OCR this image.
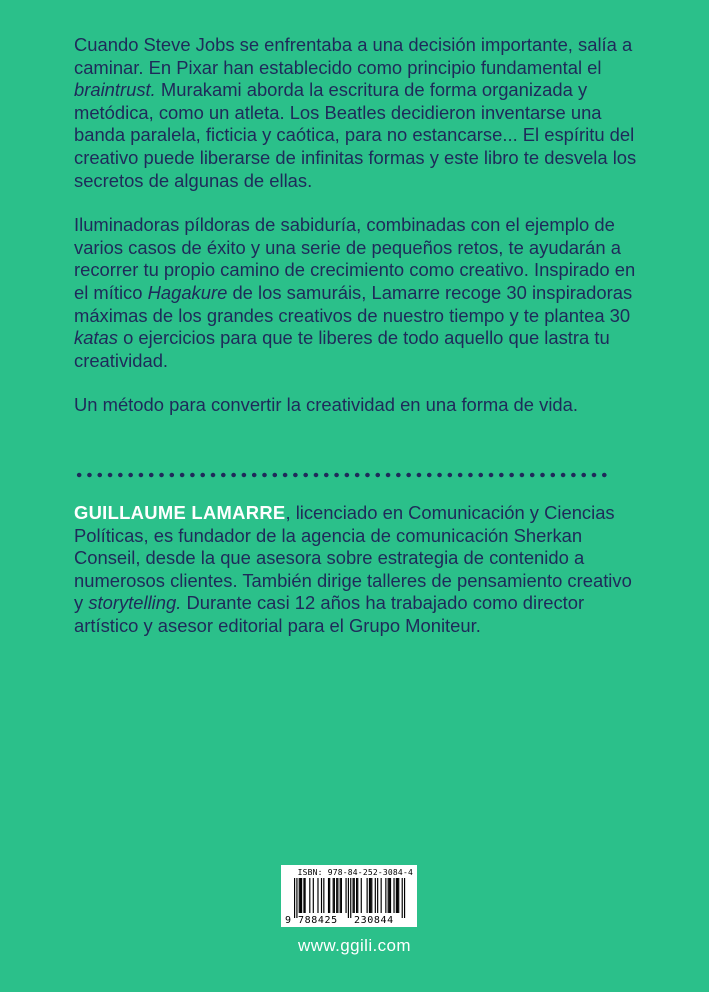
Cuando Steve Jobs se enfrentaba a una decisión importante, salía a caminar. En Pixar han establecido como principio fundamental el braintrust. Murakami aborda la escritura de forma organizada y metódica, como un atleta. Los Beatles decidieron inventarse una banda paralela, ficticia y caótica, para no estancarse... El espíritu del creativo puede liberarse de infinitas formas y este libro te desvela los secretos de algunas de ellas.

Iluminadoras píldoras de sabiduría, combinadas con el ejemplo de varios casos de éxito y una serie de pequeños retos, te ayudarán a recorrer tu propio camino de crecimiento como creativo. Inspirado en el mítico Hagakure de los samuráis, Lamarre recoge 30 inspiradoras máximas de los grandes creativos de nuestro tiempo y te plantea 30 katas o ejercicios para que te liberes de todo aquello que lastra tu creatividad.

Un método para convertir la creatividad en una forma de vida.

GUILLAUME LAMARRE, licenciado en Comunicación y Ciencias Políticas, es fundador de la agencia de comunicación Sherkan Conseil, desde la que asesora sobre estrategia de contenido a numerosos clientes. También dirige talleres de pensamiento creativo y storytelling. Durante casi 12 años ha trabajado como director artístico y asesor editorial para el Grupo Moniteur.

ISBN: 978-84-252-3084-4
9 788425 230844
www.ggili.com
